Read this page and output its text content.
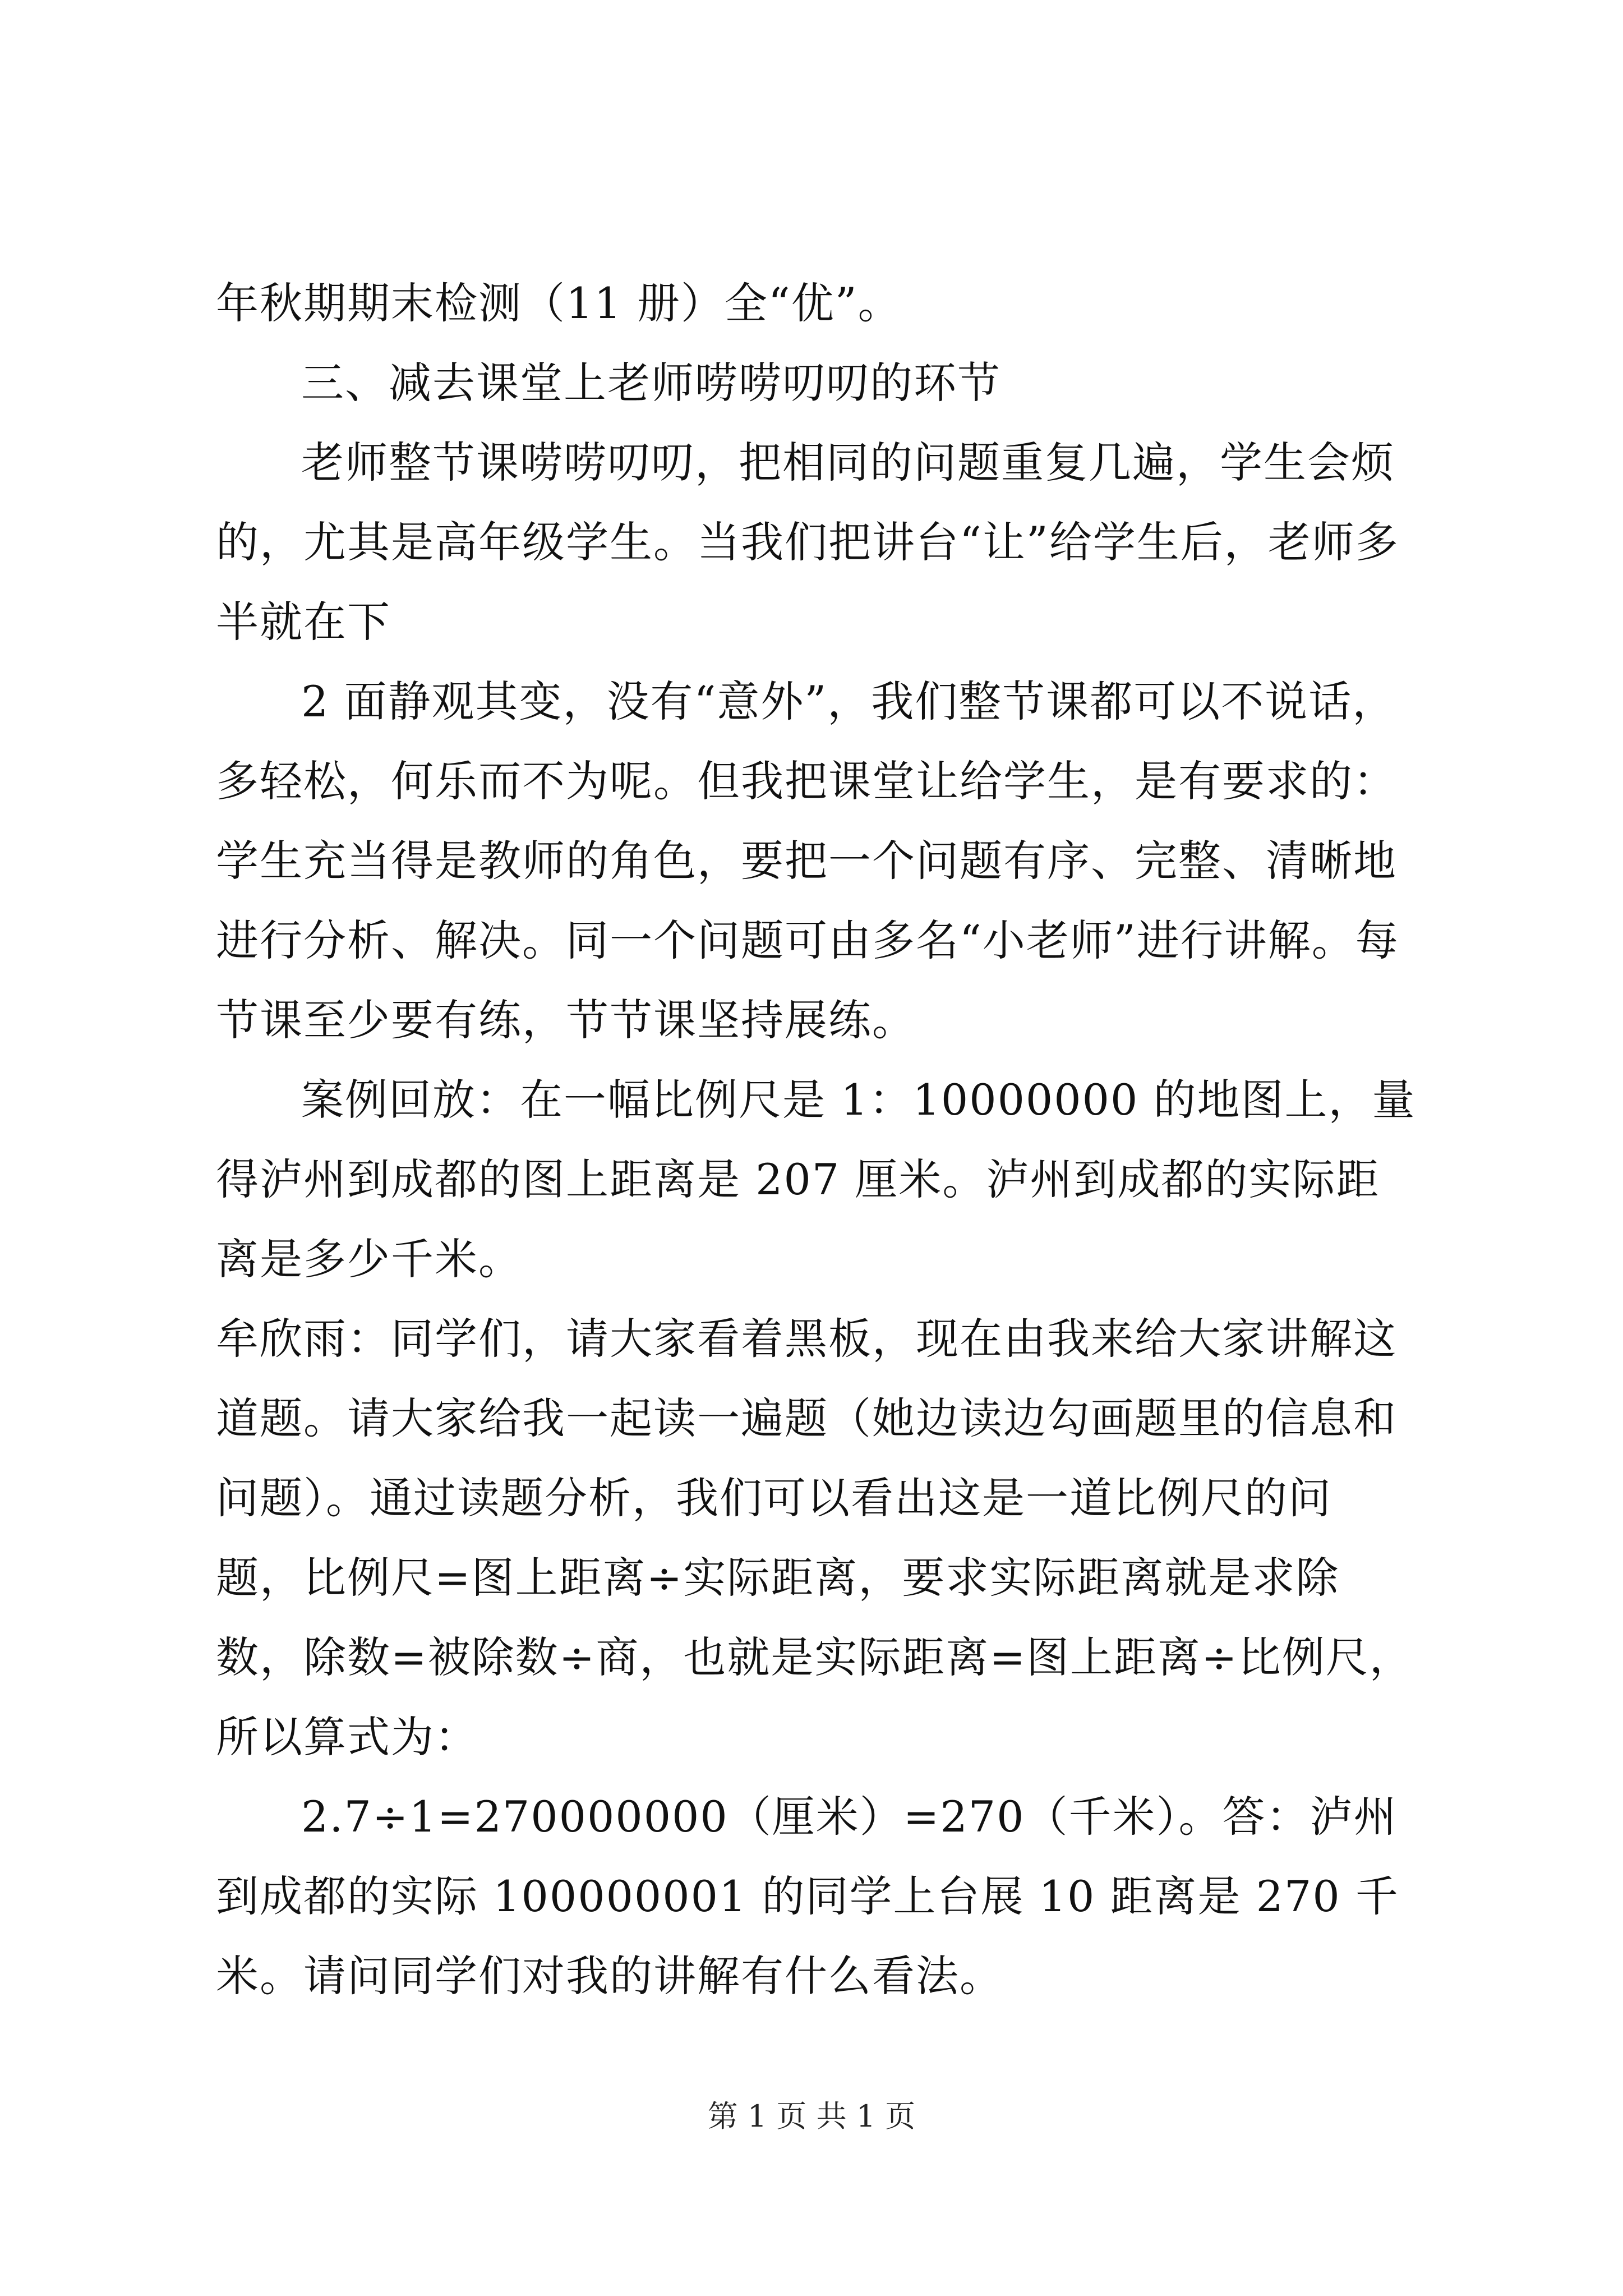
年秋期期末检测（11 册）全“优”。

三、减去课堂上老师唠唠叨叨的环节

老师整节课唠唠叨叨，把相同的问题重复几遍，学生会烦的，尤其是高年级学生。当我们把讲台“让”给学生后，老师多半就在下

2 面静观其变，没有“意外”，我们整节课都可以不说话，多轻松，何乐而不为呢。但我把课堂让给学生，是有要求的：学生充当得是教师的角色，要把一个问题有序、完整、清晰地进行分析、解决。同一个问题可由多名“小老师”进行讲解。每节课至少要有练，节节课坚持展练。

案例回放：在一幅比例尺是 1：10000000 的地图上，量得泸州到成都的图上距离是 207 厘米。泸州到成都的实际距离是多少千米。

牟欣雨：同学们，请大家看着黑板，现在由我来给大家讲解这道题。请大家给我一起读一遍题（她边读边勾画题里的信息和问题）。通过读题分析，我们可以看出这是一道比例尺的问题，比例尺=图上距离÷实际距离，要求实际距离就是求除数，除数=被除数÷商，也就是实际距离=图上距离÷比例尺，所以算式为：

2.7÷1=270000000（厘米）=270（千米）。答：泸州到成都的实际 100000001 的同学上台展 10 距离是 270 千米。请问同学们对我的讲解有什么看法。

第 1 页 共 1 页
